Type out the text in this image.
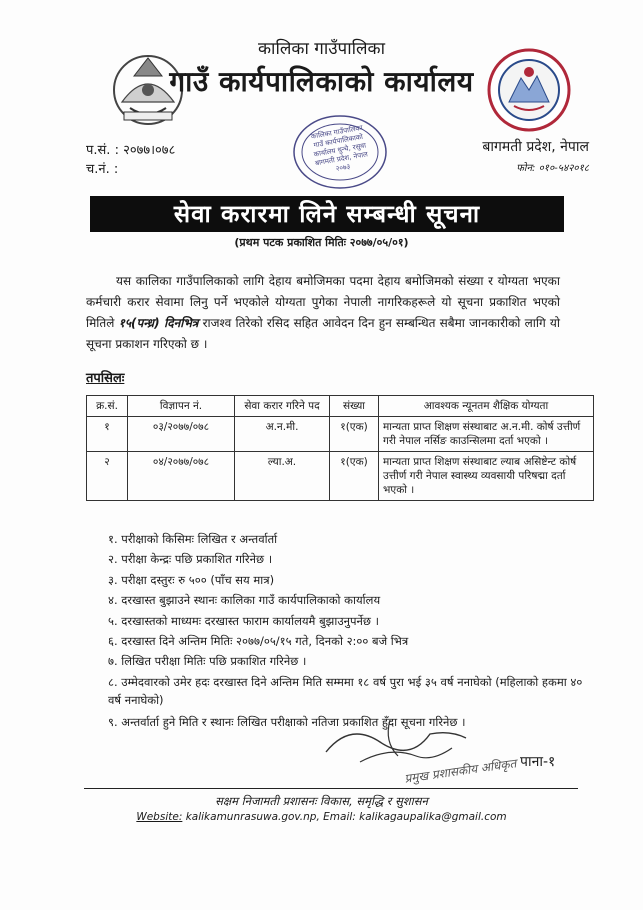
कालिका गाउँपालिका
गाउँ कार्यपालिकाको कार्यालय
प.सं. : २०७७।०७८
च.नं. :
बागमती प्रदेश, नेपाल
फोन: ०१०-५४२०१८
कालिका गाउँपालिका गाउँ कार्यपालिकाको कार्यालय धुन्चे, रसुवा बागमती प्रदेश, नेपाल २०७३
सेवा करारमा लिने सम्बन्धी सूचना
(प्रथम पटक प्रकाशित मितिः २०७७/०५/०१)
यस कालिका गाउँपालिकाको लागि देहाय बमोजिमका पदमा देहाय बमोजिमको संख्या र योग्यता भएका कर्मचारी करार सेवामा लिनु पर्ने भएकोले योग्यता पुगेका नेपाली नागरिकहरूले यो सूचना प्रकाशित भएको मितिले १५(पन्ध्र) दिनभित्र राजश्व तिरेको रसिद सहित आवेदन दिन हुन सम्बन्धित सबैमा जानकारीको लागि यो सूचना प्रकाशन गरिएको छ ।
तपसिलः
क्र.सं.	विज्ञापन नं.	सेवा करार गरिने पद	संख्या	आवश्यक न्यूनतम शैक्षिक योग्यता
१	०३/२०७७/०७८	अ.न.मी.	१(एक)	मान्यता प्राप्त शिक्षण संस्थाबाट अ.न.मी. कोर्ष उत्तीर्ण गरी नेपाल नर्सिङ काउन्सिलमा दर्ता भएको ।
२	०४/२०७७/०७८	ल्या.अ.	१(एक)	मान्यता प्राप्त शिक्षण संस्थाबाट ल्याब असिष्टेन्ट कोर्ष उत्तीर्ण गरी नेपाल स्वास्थ्य व्यवसायी परिषद्मा दर्ता भएको ।
१. परीक्षाको किसिमः लिखित र अन्तर्वार्ता
२. परीक्षा केन्द्रः पछि प्रकाशित गरिनेछ ।
३. परीक्षा दस्तुरः रु ५०० (पाँच सय मात्र)
४. दरखास्त बुझाउने स्थानः कालिका गाउँ कार्यपालिकाको कार्यालय
५. दरखास्तको माध्यमः दरखास्त फाराम कार्यालयमै बुझाउनुपर्नेछ ।
६. दरखास्त दिने अन्तिम मितिः २०७७/०५/१५ गते, दिनको २:०० बजे भित्र
७. लिखित परीक्षा मितिः पछि प्रकाशित गरिनेछ ।
८. उम्मेदवारको उमेर हदः दरखास्त दिने अन्तिम मिति सम्ममा १८ वर्ष पुरा भई ३५ वर्ष ननाघेको (महिलाको हकमा ४० वर्ष ननाघेको)
९. अन्तर्वार्ता हुने मिति र स्थानः लिखित परीक्षाको नतिजा प्रकाशित हुँदा सूचना गरिनेछ ।
प्रमुख प्रशासकीय अधिकृत पाना-१
सक्षम निजामती प्रशासनः विकास, समृद्धि र सुशासन
Website: kalikamunrasuwa.gov.np, Email: kalikagaupalika@gmail.com
